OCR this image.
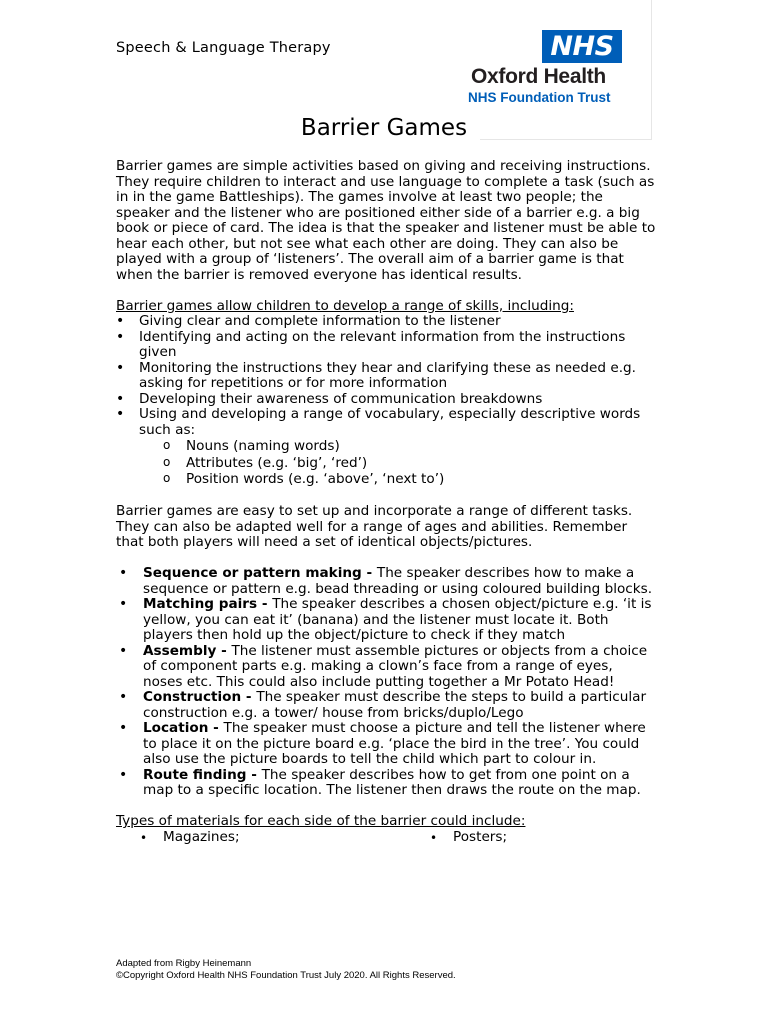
Speech & Language Therapy	NHS
Oxford Health
NHS Foundation Trust
Barrier Games

Barrier games are simple activities based on giving and receiving instructions. They require children to interact and use language to complete a task (such as in in the game Battleships). The games involve at least two people; the speaker and the listener who are positioned either side of a barrier e.g. a big book or piece of card. The idea is that the speaker and listener must be able to hear each other, but not see what each other are doing. They can also be played with a group of ‘listeners’. The overall aim of a barrier game is that when the barrier is removed everyone has identical results.

Barrier games allow children to develop a range of skills, including:

• Giving clear and complete information to the listener
• Identifying and acting on the relevant information from the instructions given
• Monitoring the instructions they hear and clarifying these as needed e.g. asking for repetitions or for more information
• Developing their awareness of communication breakdowns
• Using and developing a range of vocabulary, especially descriptive words such as:
o Nouns (naming words)
o Attributes (e.g. ‘big’, ‘red’)
o Position words (e.g. ‘above’, ‘next to’)

Barrier games are easy to set up and incorporate a range of different tasks. They can also be adapted well for a range of ages and abilities. Remember that both players will need a set of identical objects/pictures.

• Sequence or pattern making - The speaker describes how to make a sequence or pattern e.g. bead threading or using coloured building blocks.
• Matching pairs - The speaker describes a chosen object/picture e.g. ‘it is yellow, you can eat it’ (banana) and the listener must locate it. Both players then hold up the object/picture to check if they match
• Assembly - The listener must assemble pictures or objects from a choice of component parts e.g. making a clown’s face from a range of eyes, noses etc. This could also include putting together a Mr Potato Head!
• Construction - The speaker must describe the steps to build a particular construction e.g. a tower/ house from bricks/duplo/Lego
• Location - The speaker must choose a picture and tell the listener where to place it on the picture board e.g. ‘place the bird in the tree’. You could also use the picture boards to tell the child which part to colour in.
• Route finding - The speaker describes how to get from one point on a map to a specific location. The listener then draws the route on the map.

Types of materials for each side of the barrier could include:

• Magazines;
•	Posters;
Adapted from Rigby Heinemann
©Copyright Oxford Health NHS Foundation Trust July 2020. All Rights Reserved.
